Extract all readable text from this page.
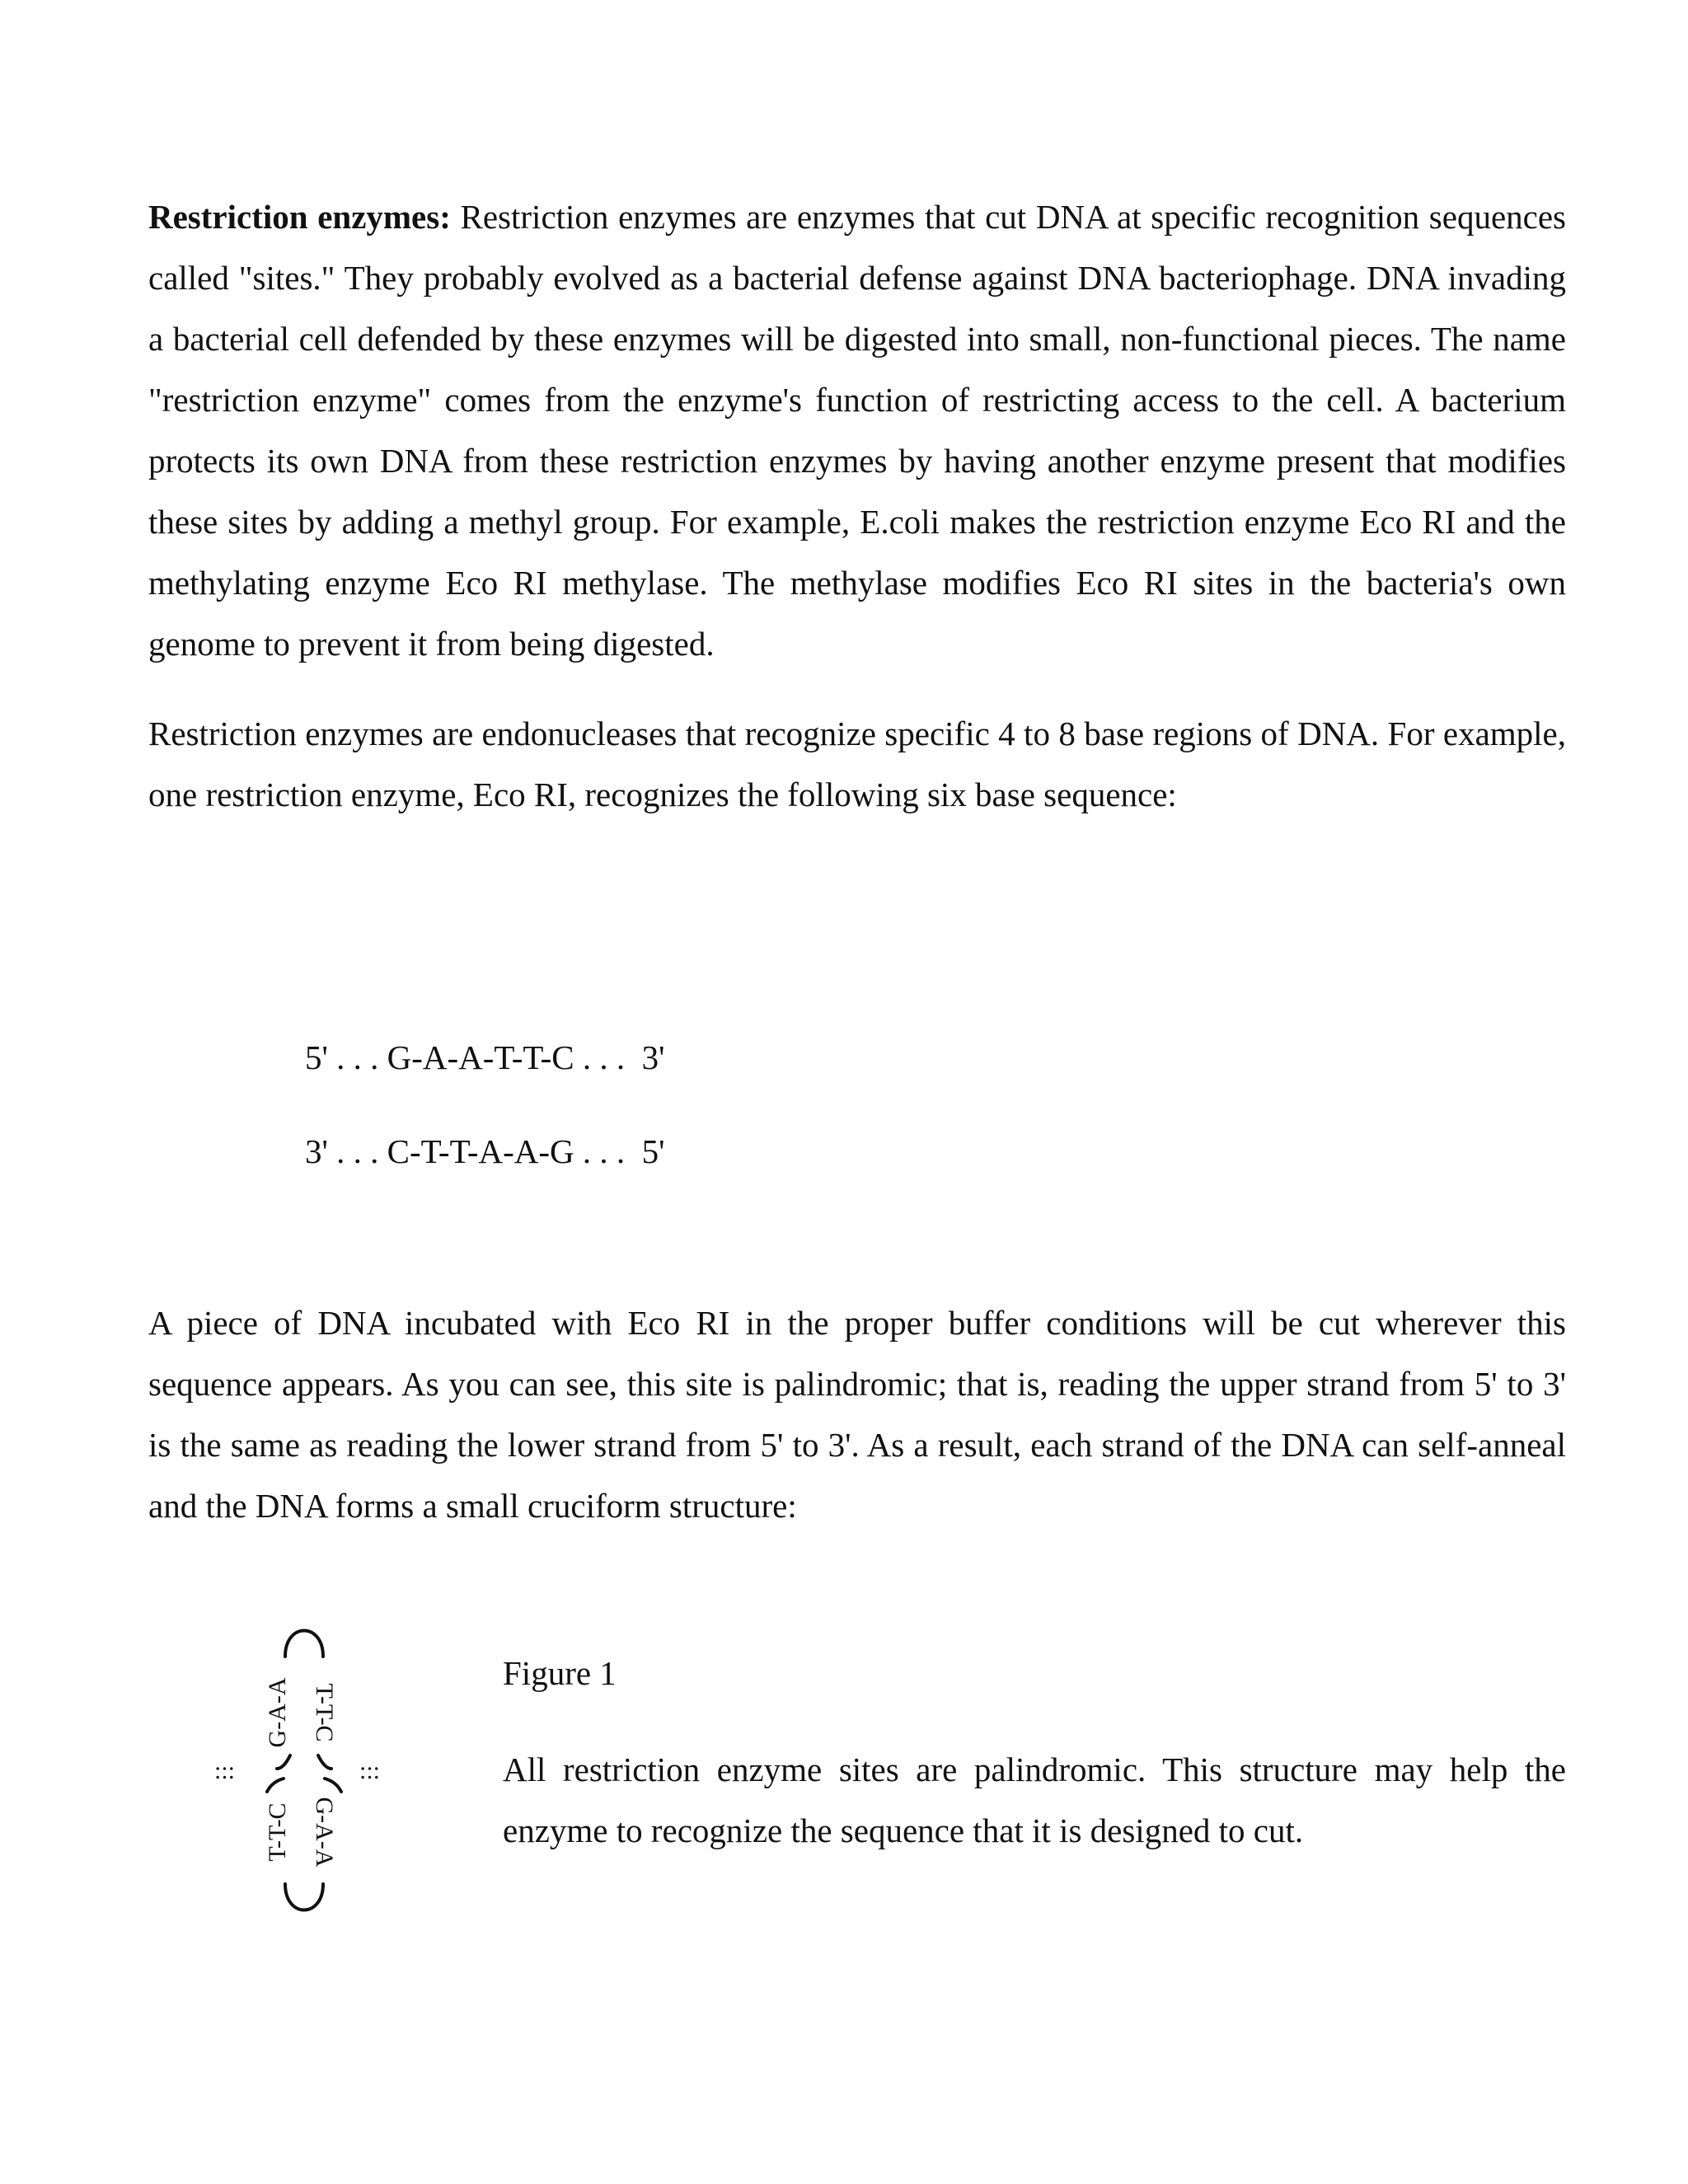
Restriction enzymes: Restriction enzymes are enzymes that cut DNA at specific recognition sequences called "sites." They probably evolved as a bacterial defense against DNA bacteriophage. DNA invading a bacterial cell defended by these enzymes will be digested into small, non-functional pieces. The name "restriction enzyme" comes from the enzyme's function of restricting access to the cell. A bacterium protects its own DNA from these restriction enzymes by having another enzyme present that modifies these sites by adding a methyl group. For example, E.coli makes the restriction enzyme Eco RI and the methylating enzyme Eco RI methylase. The methylase modifies Eco RI sites in the bacteria's own genome to prevent it from being digested.

Restriction enzymes are endonucleases that recognize specific 4 to 8 base regions of DNA. For example, one restriction enzyme, Eco RI, recognizes the following six base sequence:

5' . . . G-A-A-T-T-C . . .  3'
3' . . . C-T-T-A-A-G . . .  5'

A piece of DNA incubated with Eco RI in the proper buffer conditions will be cut wherever this sequence appears. As you can see, this site is palindromic; that is, reading the upper strand from 5' to 3' is the same as reading the lower strand from 5' to 3'. As a result, each strand of the DNA can self-anneal and the DNA forms a small cruciform structure:

G-A-A
T-T-C
T-T-C
G-A-A
:::	:::
Figure 1

All restriction enzyme sites are palindromic. This structure may help the enzyme to recognize the sequence that it is designed to cut.
